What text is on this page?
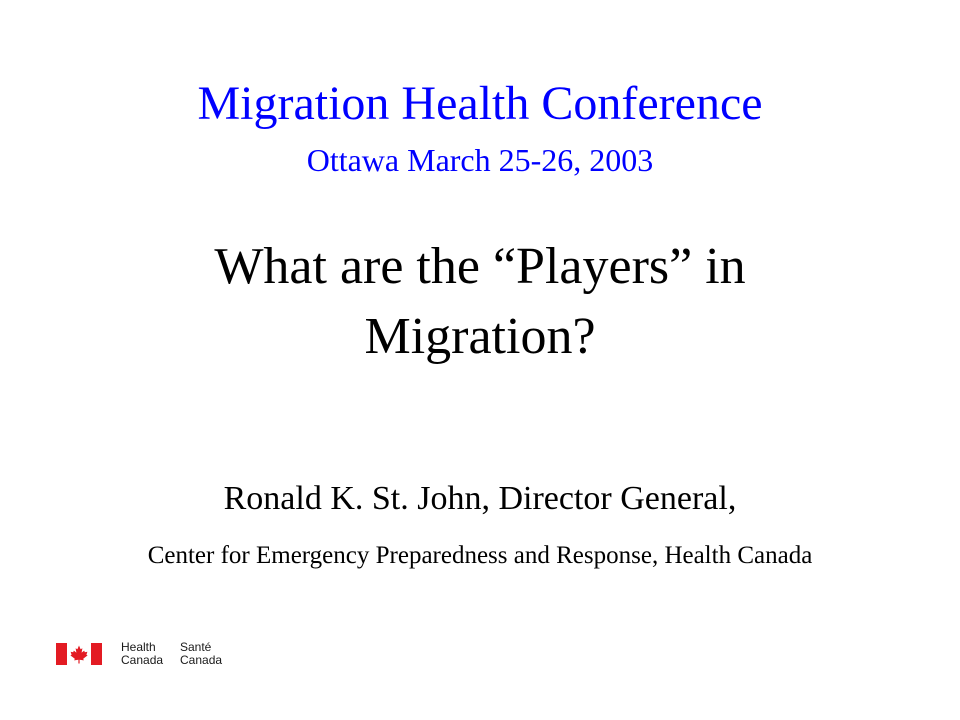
Migration Health Conference
Ottawa March 25-26, 2003
What are the “Players” in
Migration?
Ronald K. St. John, Director General,
Center for Emergency Preparedness and Response, Health Canada
Health
Canada
Santé
Canada
